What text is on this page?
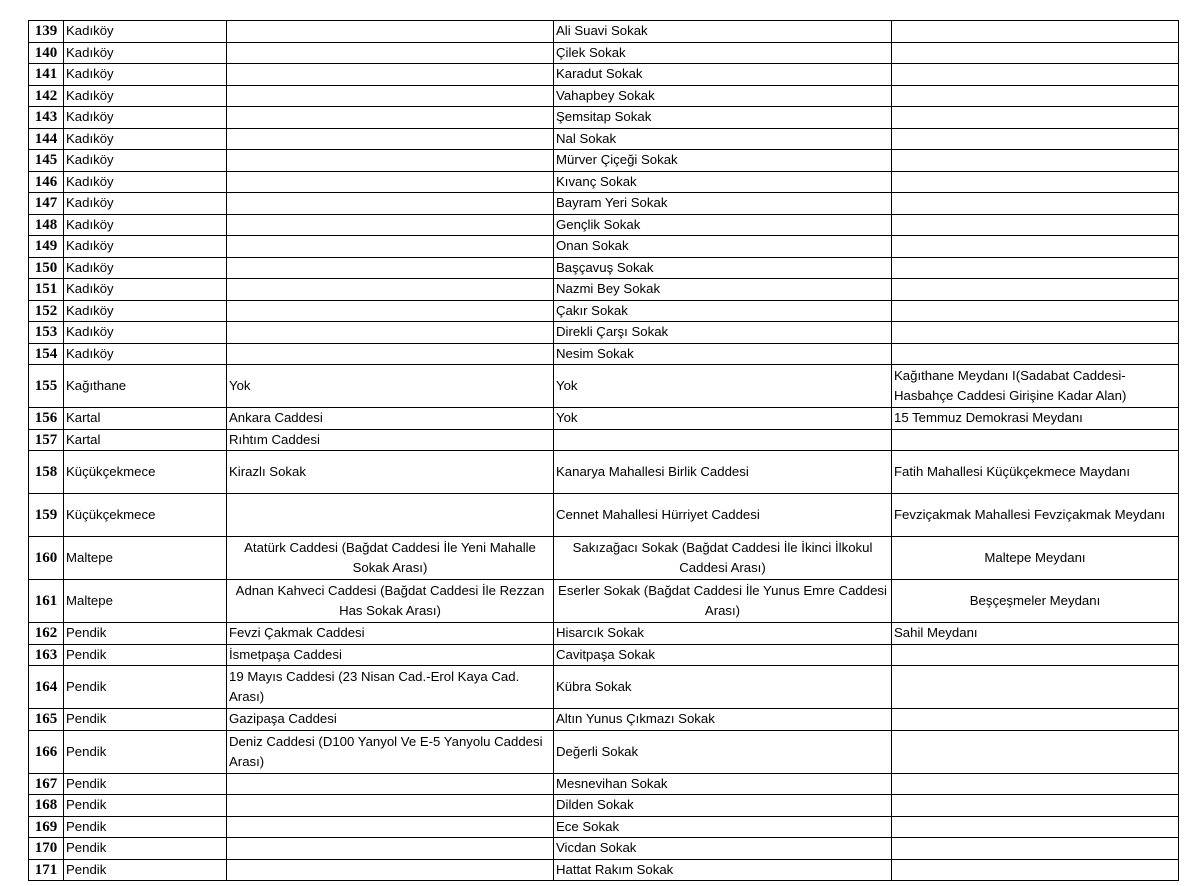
139	Kadıköy		Ali Suavi Sokak	
140	Kadıköy		Çilek Sokak	
141	Kadıköy		Karadut Sokak	
142	Kadıköy		Vahapbey Sokak	
143	Kadıköy		Şemsitap Sokak	
144	Kadıköy		Nal Sokak	
145	Kadıköy		Mürver Çiçeği Sokak	
146	Kadıköy		Kıvanç Sokak	
147	Kadıköy		Bayram Yeri Sokak	
148	Kadıköy		Gençlik Sokak	
149	Kadıköy		Onan Sokak	
150	Kadıköy		Başçavuş Sokak	
151	Kadıköy		Nazmi Bey Sokak	
152	Kadıköy		Çakır Sokak	
153	Kadıköy		Direkli Çarşı Sokak	
154	Kadıköy		Nesim Sokak	
155	Kağıthane	Yok	Yok	Kağıthane Meydanı I(Sadabat Caddesi-Hasbahçe Caddesi Girişine Kadar Alan)
156	Kartal	Ankara Caddesi	Yok	15 Temmuz Demokrasi Meydanı
157	Kartal	Rıhtım Caddesi		
158	Küçükçekmece	Kirazlı Sokak	Kanarya Mahallesi Birlik Caddesi	Fatih Mahallesi Küçükçekmece Maydanı
159	Küçükçekmece		Cennet Mahallesi Hürriyet Caddesi	Fevziçakmak Mahallesi Fevziçakmak Meydanı
160	Maltepe	Atatürk Caddesi (Bağdat Caddesi İle Yeni Mahalle Sokak Arası)	Sakızağacı Sokak (Bağdat Caddesi İle İkinci İlkokul Caddesi Arası)	Maltepe Meydanı
161	Maltepe	Adnan Kahveci Caddesi (Bağdat Caddesi İle Rezzan Has Sokak Arası)	Eserler Sokak (Bağdat Caddesi İle Yunus Emre Caddesi Arası)	Beşçeşmeler Meydanı
162	Pendik	Fevzi Çakmak Caddesi	Hisarcık Sokak	Sahil Meydanı
163	Pendik	İsmetpaşa Caddesi	Cavitpaşa Sokak	
164	Pendik	19 Mayıs Caddesi (23 Nisan Cad.-Erol Kaya Cad. Arası)	Kübra Sokak	
165	Pendik	Gazipaşa Caddesi	Altın Yunus Çıkmazı Sokak	
166	Pendik	Deniz Caddesi (D100 Yanyol Ve E-5 Yanyolu Caddesi Arası)	Değerli Sokak	
167	Pendik		Mesnevihan Sokak	
168	Pendik		Dilden Sokak	
169	Pendik		Ece Sokak	
170	Pendik		Vicdan Sokak	
171	Pendik		Hattat Rakım Sokak	
